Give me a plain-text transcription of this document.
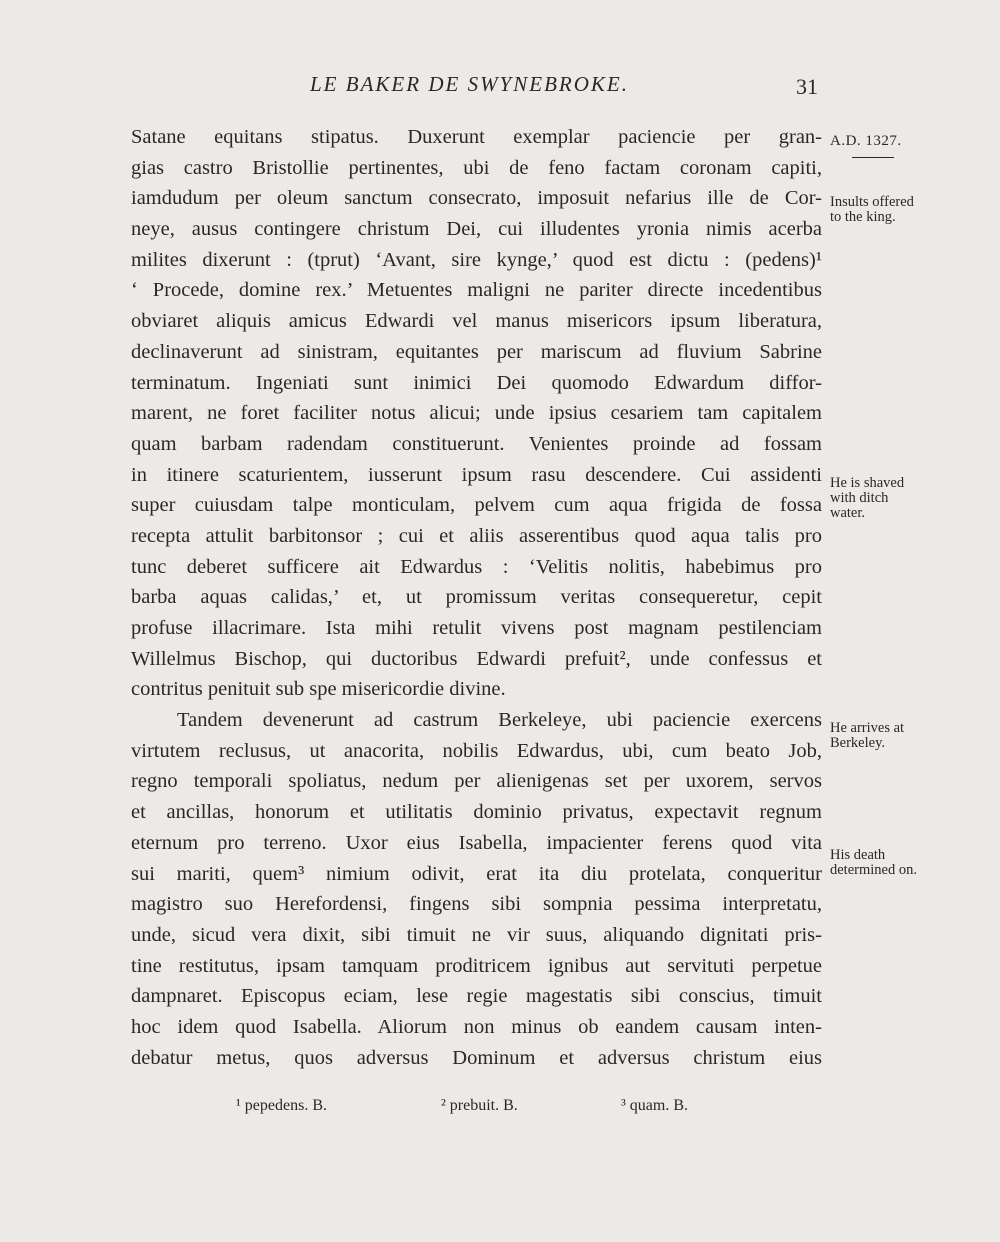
LE BAKER DE SWYNEBROKE.	31
Satane equitans stipatus. Duxerunt exemplar paciencie per gran-
gias castro Bristollie pertinentes, ubi de feno factam coronam capiti,
iamdudum per oleum sanctum consecrato, imposuit nefarius ille de Cor-
neye, ausus contingere christum Dei, cui illudentes yronia nimis acerba
milites dixerunt : (tprut) ‘Avant, sire kynge,’ quod est dictu : (pedens)¹
‘ Procede, domine rex.’ Metuentes maligni ne pariter directe incedentibus
obviaret aliquis amicus Edwardi vel manus misericors ipsum liberatura,
declinaverunt ad sinistram, equitantes per mariscum ad fluvium Sabrine
terminatum. Ingeniati sunt inimici Dei quomodo Edwardum diffor-
marent, ne foret faciliter notus alicui; unde ipsius cesariem tam capitalem
quam barbam radendam constituerunt. Venientes proinde ad fossam
in itinere scaturientem, iusserunt ipsum rasu descendere. Cui assidenti
super cuiusdam talpe monticulam, pelvem cum aqua frigida de fossa
recepta attulit barbitonsor ; cui et aliis asserentibus quod aqua talis pro
tunc deberet sufficere ait Edwardus : ‘Velitis nolitis, habebimus pro
barba aquas calidas,’ et, ut promissum veritas consequeretur, cepit
profuse illacrimare. Ista mihi retulit vivens post magnam pestilenciam
Willelmus Bischop, qui ductoribus Edwardi prefuit², unde confessus et
contritus penituit sub spe misericordie divine.
Tandem devenerunt ad castrum Berkeleye, ubi paciencie exercens
virtutem reclusus, ut anacorita, nobilis Edwardus, ubi, cum beato Job,
regno temporali spoliatus, nedum per alienigenas set per uxorem, servos
et ancillas, honorum et utilitatis dominio privatus, expectavit regnum
eternum pro terreno. Uxor eius Isabella, impacienter ferens quod vita
sui mariti, quem³ nimium odivit, erat ita diu protelata, conqueritur
magistro suo Herefordensi, fingens sibi sompnia pessima interpretatu,
unde, sicud vera dixit, sibi timuit ne vir suus, aliquando dignitati pris-
tine restitutus, ipsam tamquam proditricem ignibus aut servituti perpetue
dampnaret. Episcopus eciam, lese regie magestatis sibi conscius, timuit
hoc idem quod Isabella. Aliorum non minus ob eandem causam inten-
debatur metus, quos adversus Dominum et adversus christum eius
A.D. 1327.
Insults offered to the king.
He is shaved with ditch water.
He arrives at Berkeley.
His death determined on.
¹ pepedens. B.	² prebuit. B.	³ quam. B.
